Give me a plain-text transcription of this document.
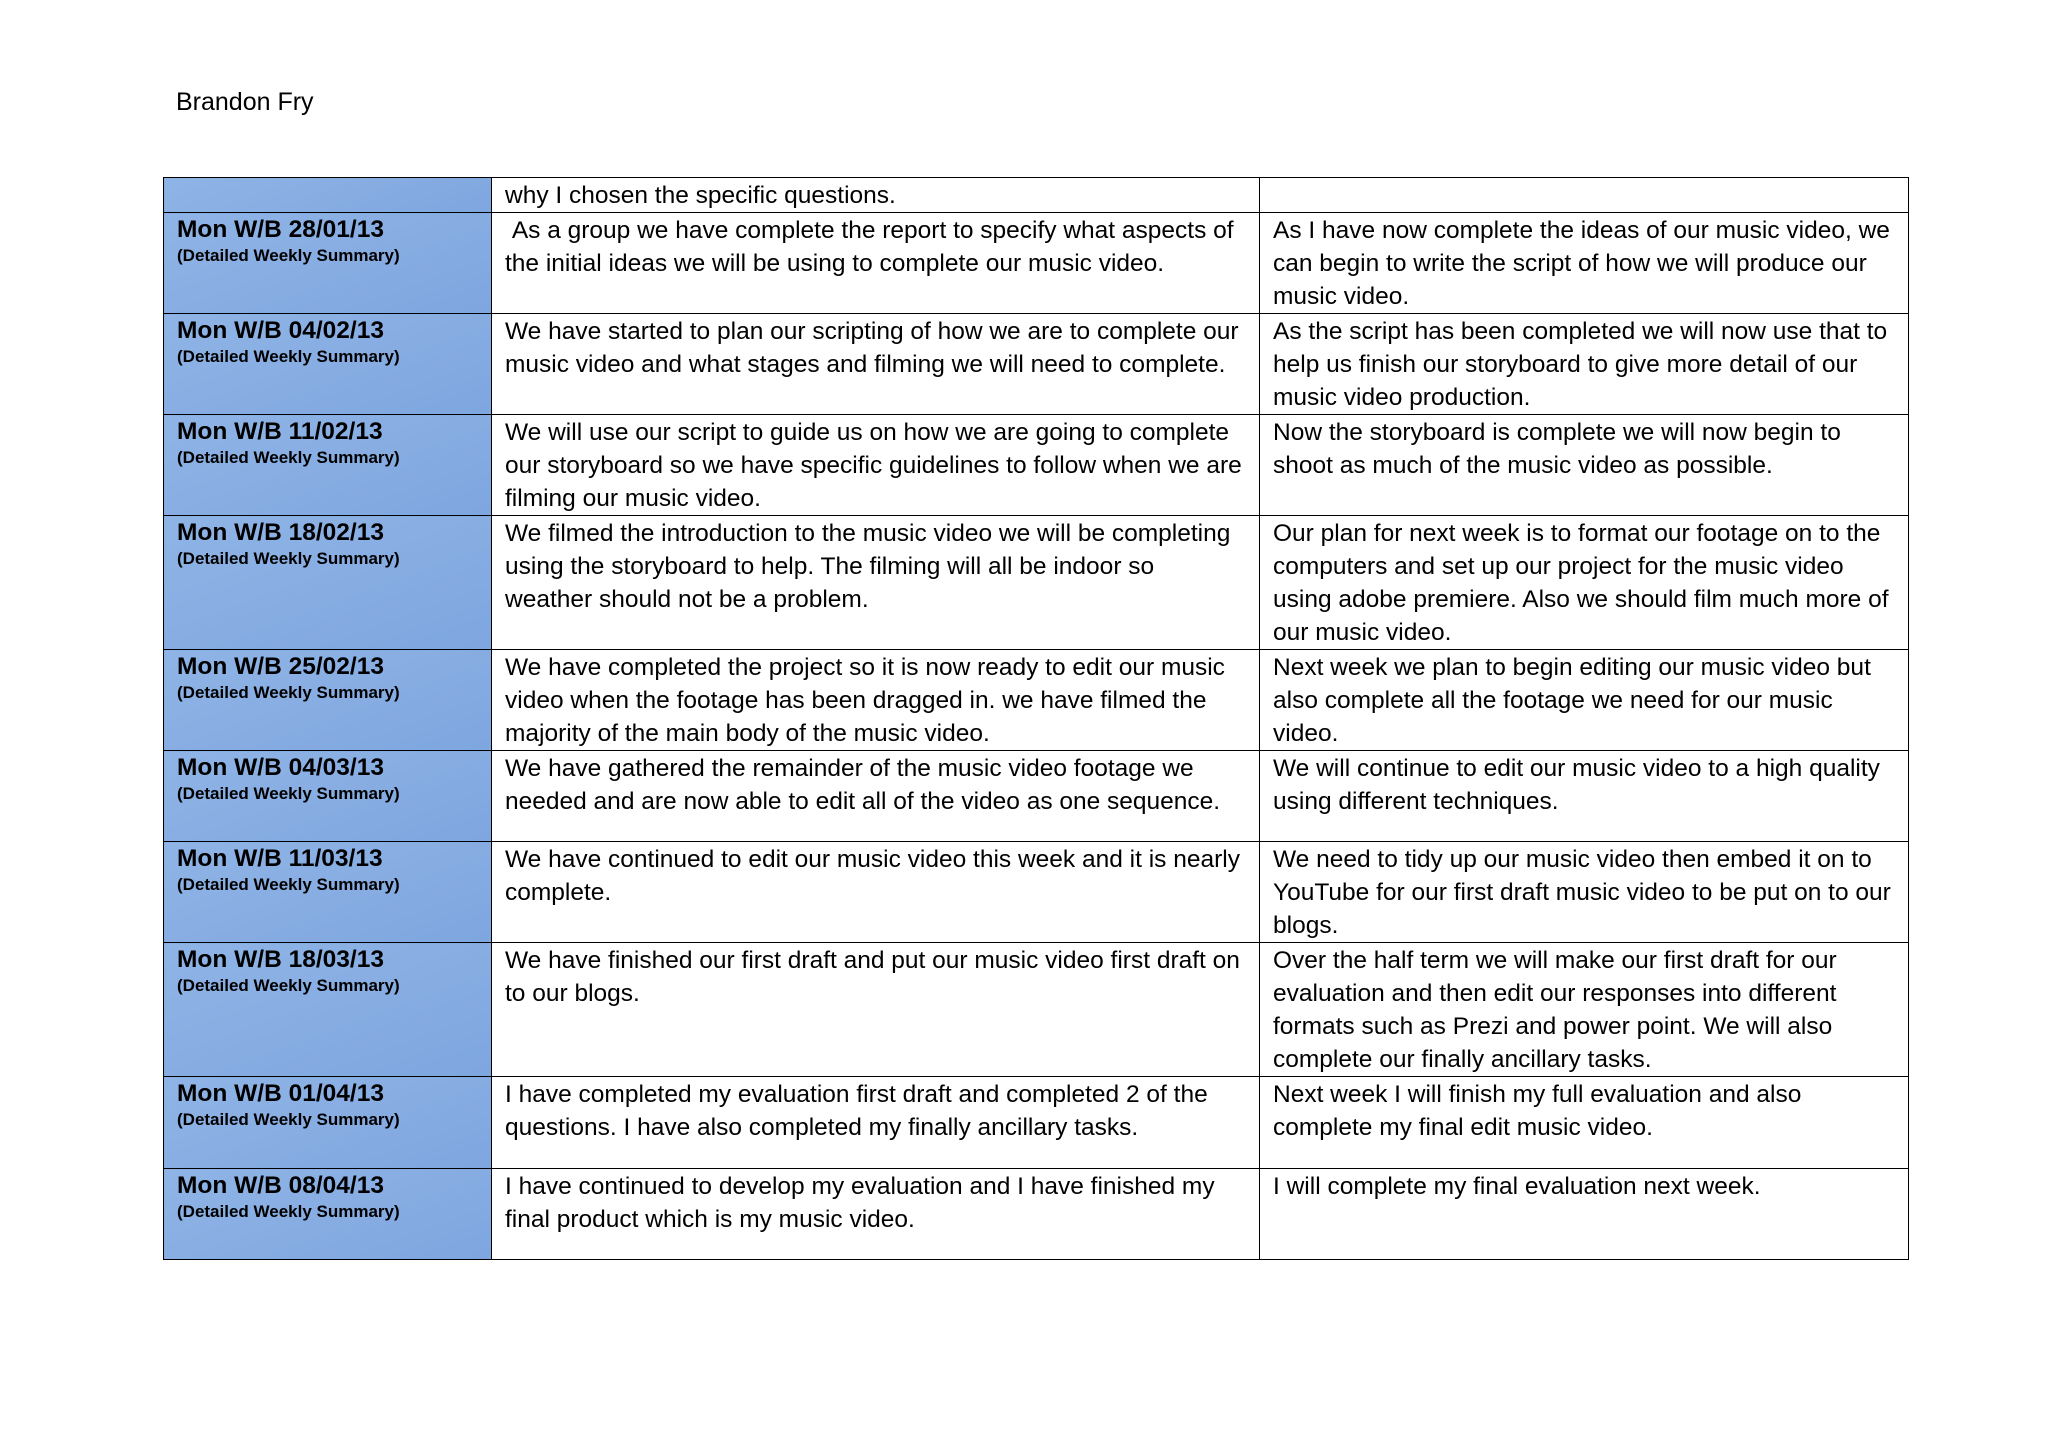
Brandon Fry
	why I chosen the specific questions.	

Mon W/B 28/01/13
(Detailed Weekly Summary)	As a group we have complete the report to specify what aspects of the initial ideas we will be using to complete our music video.	As I have now complete the ideas of our music video, we can begin to write the script of how we will produce our music video.

Mon W/B 04/02/13
(Detailed Weekly Summary)	We have started to plan our scripting of how we are to complete our music video and what stages and filming we will need to complete.	As the script has been completed we will now use that to help us finish our storyboard to give more detail of our music video production.

Mon W/B 11/02/13
(Detailed Weekly Summary)	We will use our script to guide us on how we are going to complete our storyboard so we have specific guidelines to follow when we are filming our music video.	Now the storyboard is complete we will now begin to shoot as much of the music video as possible.

Mon W/B 18/02/13
(Detailed Weekly Summary)	We filmed the introduction to the music video we will be completing using the storyboard to help. The filming will all be indoor so weather should not be a problem.	Our plan for next week is to format our footage on to the computers and set up our project for the music video using adobe premiere. Also we should film much more of our music video.

Mon W/B 25/02/13
(Detailed Weekly Summary)	We have completed the project so it is now ready to edit our music video when the footage has been dragged in. we have filmed the majority of the main body of the music video.	Next week we plan to begin editing our music video but also complete all the footage we need for our music video.

Mon W/B 04/03/13
(Detailed Weekly Summary)	We have gathered the remainder of the music video footage we needed and are now able to edit all of the video as one sequence.	We will continue to edit our music video to a high quality using different techniques.

Mon W/B 11/03/13
(Detailed Weekly Summary)	We have continued to edit our music video this week and it is nearly complete.	We need to tidy up our music video then embed it on to YouTube for our first draft music video to be put on to our blogs.

Mon W/B 18/03/13
(Detailed Weekly Summary)	We have finished our first draft and put our music video first draft on to our blogs.	Over the half term we will make our first draft for our evaluation and then edit our responses into different formats such as Prezi and power point. We will also complete our finally ancillary tasks.

Mon W/B 01/04/13
(Detailed Weekly Summary)	I have completed my evaluation first draft and completed 2 of the questions. I have also completed my finally ancillary tasks.	Next week I will finish my full evaluation and also complete my final edit music video.

Mon W/B 08/04/13
(Detailed Weekly Summary)	I have continued to develop my evaluation and I have finished my final product which is my music video.	I will complete my final evaluation next week.
